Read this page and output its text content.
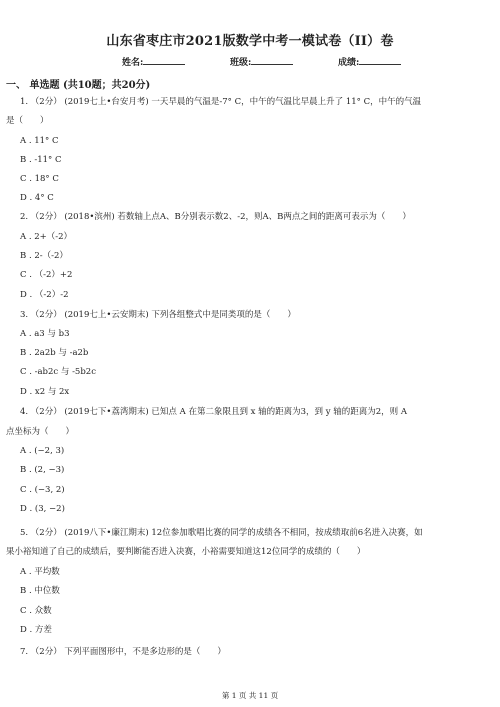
山东省枣庄市2021版数学中考一模试卷（II）卷
姓名:	班级:	成绩:
一、 单选题 (共10题；共20分)
1. （2分） (2019七上•台安月考) 一天早晨的气温是-7° C，中午的气温比早晨上升了 11° C，中午的气温
是（　　）
A . 11° C
B . -11° C
C . 18° C
D . 4° C
2. （2分） (2018•滨州) 若数轴上点A、B分别表示数2、-2，则A、B两点之间的距离可表示为（　　）
A . 2+（-2）
B . 2-（-2）
C . （-2）+2
D . （-2）-2
3. （2分） (2019七上•云安期末) 下列各组整式中是同类项的是（　　）
A . a3 与 b3
B . 2a2b 与 -a2b
C . -ab2c 与 -5b2c
D . x2 与 2x
4. （2分） (2019七下•荔湾期末) 已知点 A 在第二象限且到 x 轴的距离为3，到 y 轴的距离为2，则 A
点坐标为（　　）
A . (−2, 3)
B . (2, −3)
C . (−3, 2)
D . (3, −2)
5. （2分） (2019八下•廉江期末) 12位参加歌唱比赛的同学的成绩各不相同，按成绩取前6名进入决赛，如
果小裕知道了自己的成绩后，要判断能否进入决赛，小裕需要知道这12位同学的成绩的（　　）
A . 平均数
B . 中位数
C . 众数
D . 方差
7. （2分） 下列平面图形中，不是多边形的是（　　）
第 1 页 共 11 页
